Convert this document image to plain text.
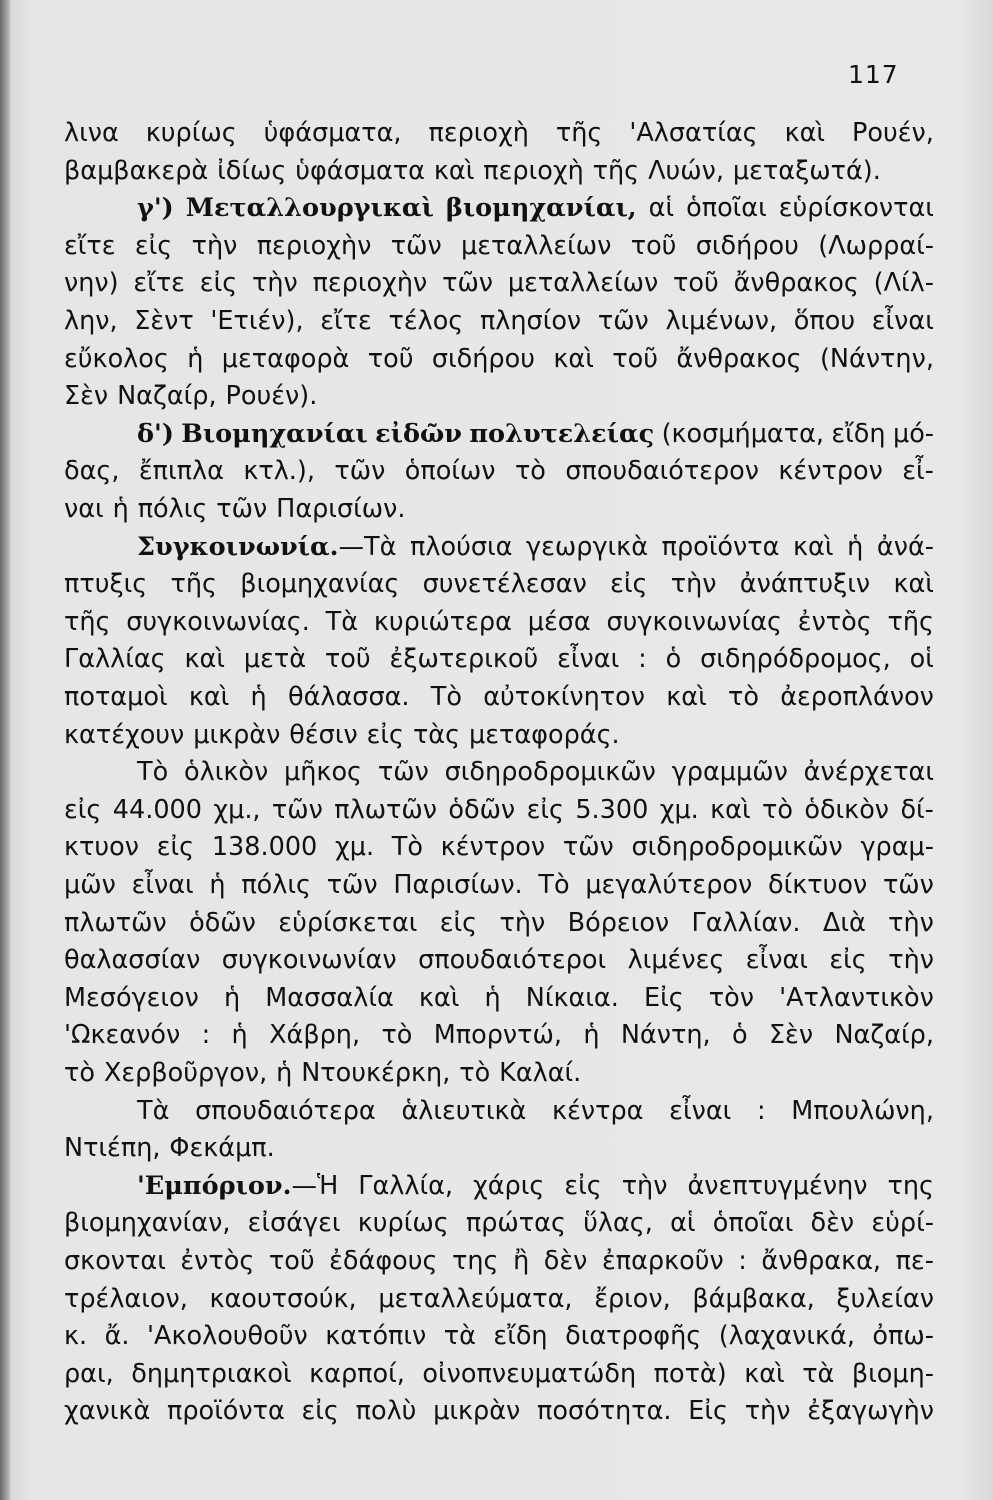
117
λινα κυρίως ὑφάσματα, περιοχὴ τῆς 'Αλσατίας καὶ Ρουέν,
βαμβακερὰ ἰδίως ὑφάσματα καὶ περιοχὴ τῆς Λυών, μεταξωτά).
γ') Μεταλλουργικαὶ βιομηχανίαι, αἱ ὁποῖαι εὑρίσκονται
εἴτε εἰς τὴν περιοχὴν τῶν μεταλλείων τοῦ σιδήρου (Λωρραί-
νην) εἴτε εἰς τὴν περιοχὴν τῶν μεταλλείων τοῦ ἄνθρακος (Λίλ-
λην, Σὲντ 'Ετιέν), εἴτε τέλος πλησίον τῶν λιμένων, ὅπου εἶναι
εὔκολος ἡ μεταφορὰ τοῦ σιδήρου καὶ τοῦ ἄνθρακος (Νάντην,
Σὲν Ναζαίρ, Ρουέν).
δ') Βιομηχανίαι εἰδῶν πολυτελείας (κοσμήματα, εἴδη μό-
δας, ἔπιπλα κτλ.), τῶν ὁποίων τὸ σπουδαιότερον κέντρον εἶ-
ναι ἡ πόλις τῶν Παρισίων.
Συγκοινωνία.—Τὰ πλούσια γεωργικὰ προϊόντα καὶ ἡ ἀνά-
πτυξις τῆς βιομηχανίας συνετέλεσαν εἰς τὴν ἀνάπτυξιν καὶ
τῆς συγκοινωνίας. Τὰ κυριώτερα μέσα συγκοινωνίας ἐντὸς τῆς
Γαλλίας καὶ μετὰ τοῦ ἐξωτερικοῦ εἶναι : ὁ σιδηρόδρομος, οἱ
ποταμοὶ καὶ ἡ θάλασσα. Τὸ αὐτοκίνητον καὶ τὸ ἀεροπλάνον
κατέχουν μικρὰν θέσιν εἰς τὰς μεταφοράς.
Τὸ ὁλικὸν μῆκος τῶν σιδηροδρομικῶν γραμμῶν ἀνέρχεται
εἰς 44.000 χμ., τῶν πλωτῶν ὁδῶν εἰς 5.300 χμ. καὶ τὸ ὁδικὸν δί-
κτυον εἰς 138.000 χμ. Τὸ κέντρον τῶν σιδηροδρομικῶν γραμ-
μῶν εἶναι ἡ πόλις τῶν Παρισίων. Τὸ μεγαλύτερον δίκτυον τῶν
πλωτῶν ὁδῶν εὑρίσκεται εἰς τὴν Βόρειον Γαλλίαν. Διὰ τὴν
θαλασσίαν συγκοινωνίαν σπουδαιότεροι λιμένες εἶναι εἰς τὴν
Μεσόγειον ἡ Μασσαλία καὶ ἡ Νίκαια. Εἰς τὸν 'Ατλαντικὸν
'Ωκεανόν : ἡ Χάβρη, τὸ Μπορντώ, ἡ Νάντη, ὁ Σὲν Ναζαίρ,
τὸ Χερβοῦργον, ἡ Ντουκέρκη, τὸ Καλαί.
Τὰ σπουδαιότερα ἁλιευτικὰ κέντρα εἶναι : Μπουλώνη,
Ντιέπη, Φεκάμπ.
'Εμπόριον.—Ἡ Γαλλία, χάρις εἰς τὴν ἀνεπτυγμένην της
βιομηχανίαν, εἰσάγει κυρίως πρώτας ὕλας, αἱ ὁποῖαι δὲν εὑρί-
σκονται ἐντὸς τοῦ ἐδάφους της ἢ δὲν ἐπαρκοῦν : ἄνθρακα, πε-
τρέλαιον, καουτσούκ, μεταλλεύματα, ἔριον, βάμβακα, ξυλείαν
κ. ἄ. 'Ακολουθοῦν κατόπιν τὰ εἴδη διατροφῆς (λαχανικά, ὀπω-
ραι, δημητριακοὶ καρποί, οἰνοπνευματώδη ποτὰ) καὶ τὰ βιομη-
χανικὰ προϊόντα εἰς πολὺ μικρὰν ποσότητα. Εἰς τὴν ἐξαγωγὴν
